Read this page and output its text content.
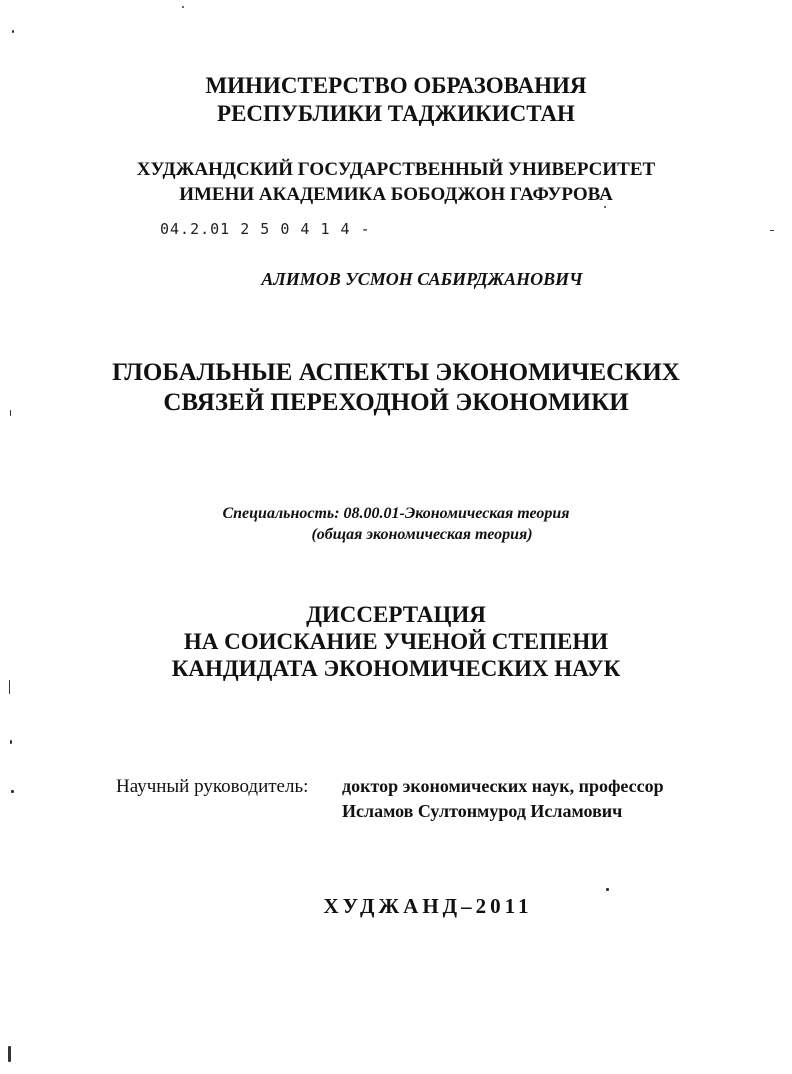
МИНИСТЕРСТВО ОБРАЗОВАНИЯ
РЕСПУБЛИКИ ТАДЖИКИСТАН
ХУДЖАНДСКИЙ ГОСУДАРСТВЕННЫЙ УНИВЕРСИТЕТ
ИМЕНИ АКАДЕМИКА БОБОДЖОН ГАФУРОВА
04.2.01 2 5 0 4 1 4 -
АЛИМОВ УСМОН САБИРДЖАНОВИЧ
ГЛОБАЛЬНЫЕ АСПЕКТЫ ЭКОНОМИЧЕСКИХ
СВЯЗЕЙ ПЕРЕХОДНОЙ ЭКОНОМИКИ
Специальность: 08.00.01-Экономическая теория
(общая экономическая теория)
ДИССЕРТАЦИЯ
НА СОИСКАНИЕ УЧЕНОЙ СТЕПЕНИ
КАНДИДАТА ЭКОНОМИЧЕСКИХ НАУК
Научный руководитель: доктор экономических наук, профессор
Исламов Султонмурод Исламович
ХУДЖАНД–2011
